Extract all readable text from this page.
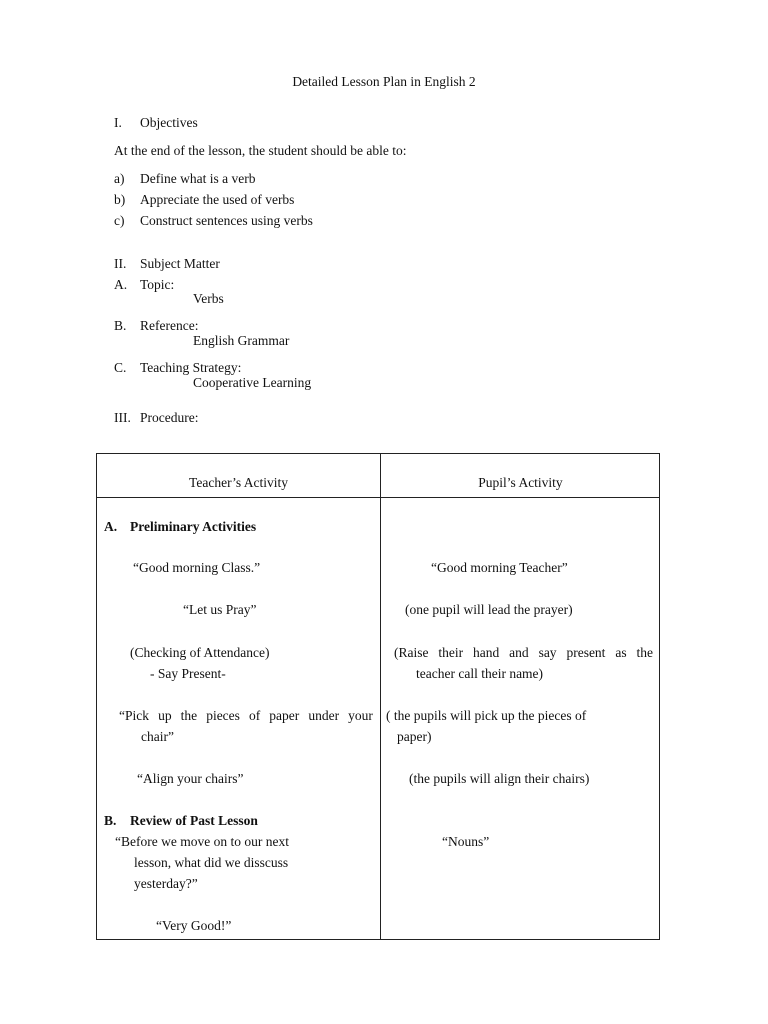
Detailed Lesson Plan in English 2
I. Objectives
At the end of the lesson, the student should be able to:
a) Define what is a verb
b) Appreciate the used of verbs
c) Construct sentences using verbs
II. Subject Matter
A. Topic:
Verbs
B. Reference:
English Grammar
C. Teaching Strategy:
Cooperative Learning
III. Procedure:
Teacher’s Activity	Pupil’s Activity
A. Preliminary Activities
“Good morning Class.”
“Let us Pray”
(Checking of Attendance)
- Say Present-
“Pick up the pieces of paper under your
chair”
“Align your chairs”
B. Review of Past Lesson
“Before we move on to our next
lesson, what did we disscuss
yesterday?”
“Very Good!”
“Good morning Teacher”
(one pupil will lead the prayer)
(Raise their hand and say present as the
teacher call their name)
( the pupils will pick up the pieces of
paper)
(the pupils will align their chairs)
“Nouns”
